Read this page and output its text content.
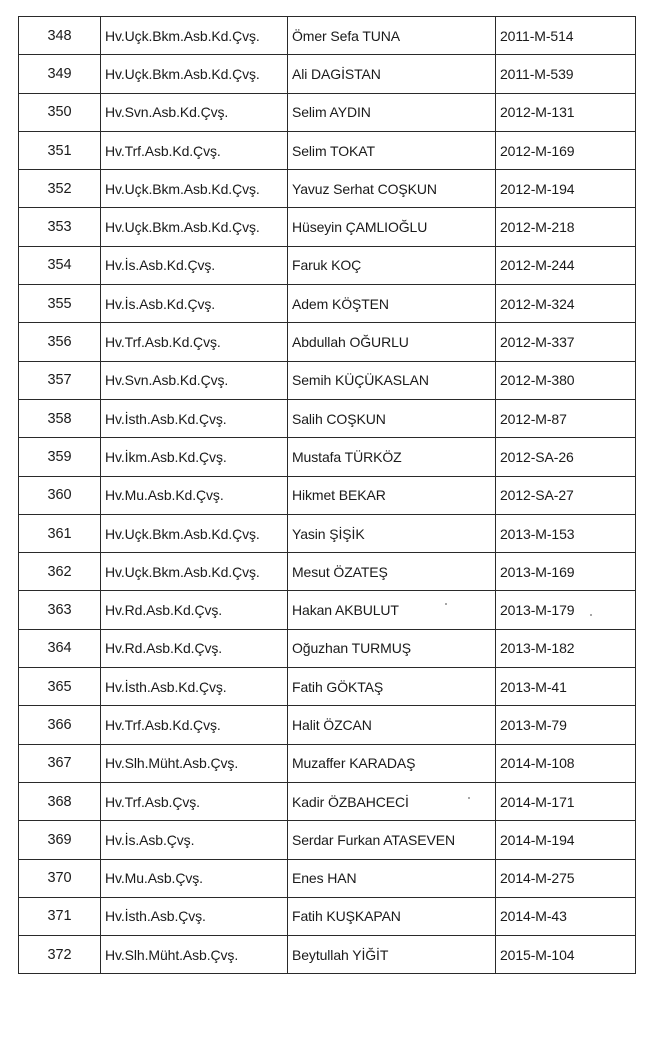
348	Hv.Uçk.Bkm.Asb.Kd.Çvş.	Ömer Sefa TUNA	2011-M-514
349	Hv.Uçk.Bkm.Asb.Kd.Çvş.	Ali DAGİSTAN	2011-M-539
350	Hv.Svn.Asb.Kd.Çvş.	Selim AYDIN	2012-M-131
351	Hv.Trf.Asb.Kd.Çvş.	Selim TOKAT	2012-M-169
352	Hv.Uçk.Bkm.Asb.Kd.Çvş.	Yavuz Serhat COŞKUN	2012-M-194
353	Hv.Uçk.Bkm.Asb.Kd.Çvş.	Hüseyin ÇAMLIOĞLU	2012-M-218
354	Hv.İs.Asb.Kd.Çvş.	Faruk KOÇ	2012-M-244
355	Hv.İs.Asb.Kd.Çvş.	Adem KÖŞTEN	2012-M-324
356	Hv.Trf.Asb.Kd.Çvş.	Abdullah OĞURLU	2012-M-337
357	Hv.Svn.Asb.Kd.Çvş.	Semih KÜÇÜKASLAN	2012-M-380
358	Hv.İsth.Asb.Kd.Çvş.	Salih COŞKUN	2012-M-87
359	Hv.İkm.Asb.Kd.Çvş.	Mustafa TÜRKÖZ	2012-SA-26
360	Hv.Mu.Asb.Kd.Çvş.	Hikmet BEKAR	2012-SA-27
361	Hv.Uçk.Bkm.Asb.Kd.Çvş.	Yasin ŞİŞİK	2013-M-153
362	Hv.Uçk.Bkm.Asb.Kd.Çvş.	Mesut ÖZATEŞ	2013-M-169
363	Hv.Rd.Asb.Kd.Çvş.	Hakan AKBULUT	2013-M-179
364	Hv.Rd.Asb.Kd.Çvş.	Oğuzhan TURMUŞ	2013-M-182
365	Hv.İsth.Asb.Kd.Çvş.	Fatih GÖKTAŞ	2013-M-41
366	Hv.Trf.Asb.Kd.Çvş.	Halit ÖZCAN	2013-M-79
367	Hv.Slh.Müht.Asb.Çvş.	Muzaffer KARADAŞ	2014-M-108
368	Hv.Trf.Asb.Çvş.	Kadir ÖZBAHCECİ	2014-M-171
369	Hv.İs.Asb.Çvş.	Serdar Furkan ATASEVEN	2014-M-194
370	Hv.Mu.Asb.Çvş.	Enes HAN	2014-M-275
371	Hv.İsth.Asb.Çvş.	Fatih KUŞKAPAN	2014-M-43
372	Hv.Slh.Müht.Asb.Çvş.	Beytullah YİĞİT	2015-M-104
